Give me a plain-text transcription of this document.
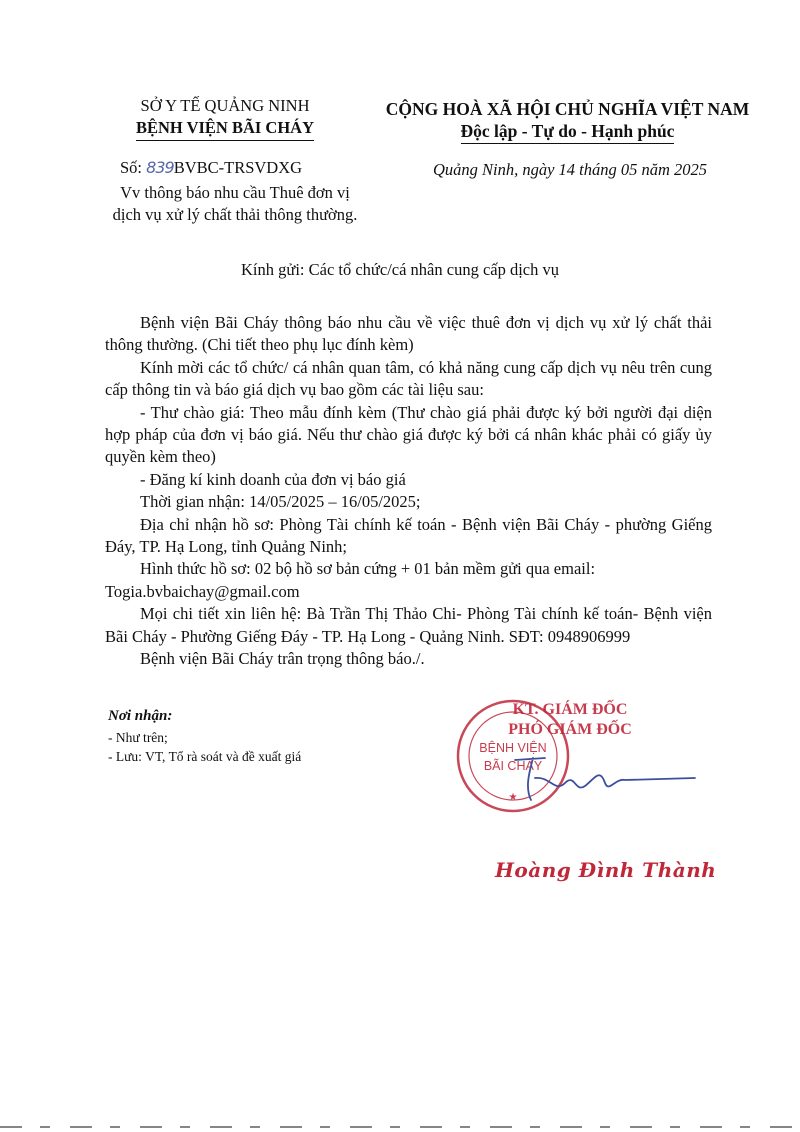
SỞ Y TẾ QUẢNG NINH
BỆNH VIỆN BÃI CHÁY
CỘNG HOÀ XÃ HỘI CHỦ NGHĨA VIỆT NAM
Độc lập - Tự do - Hạnh phúc
Số: 839BVBC-TRSVDXG
Vv thông báo nhu cầu Thuê đơn vị
dịch vụ xử lý chất thải thông thường.
Quảng Ninh, ngày 14 tháng 05 năm 2025
Kính gửi: Các tổ chức/cá nhân cung cấp dịch vụ

Bệnh viện Bãi Cháy thông báo nhu cầu về việc thuê đơn vị dịch vụ xử lý chất thải thông thường. (Chi tiết theo phụ lục đính kèm)

Kính mời các tổ chức/ cá nhân quan tâm, có khả năng cung cấp dịch vụ nêu trên cung cấp thông tin và báo giá dịch vụ bao gồm các tài liệu sau:

- Thư chào giá: Theo mẫu đính kèm (Thư chào giá phải được ký bởi người đại diện hợp pháp của đơn vị báo giá. Nếu thư chào giá được ký bởi cá nhân khác phải có giấy ủy quyền kèm theo)

- Đăng kí kinh doanh của đơn vị báo giá

Thời gian nhận: 14/05/2025 – 16/05/2025;

Địa chỉ nhận hồ sơ: Phòng Tài chính kế toán - Bệnh viện Bãi Cháy - phường Giếng Đáy, TP. Hạ Long, tỉnh Quảng Ninh;

Hình thức hồ sơ: 02 bộ hồ sơ bản cứng + 01 bản mềm gửi qua email:

Togia.bvbaichay@gmail.com

Mọi chi tiết xin liên hệ: Bà Trần Thị Thảo Chi- Phòng Tài chính kế toán- Bệnh viện Bãi Cháy - Phường Giếng Đáy - TP. Hạ Long - Quảng Ninh. SĐT: 0948906999

Bệnh viện Bãi Cháy trân trọng thông báo./.

Nơi nhận:
- Như trên;
- Lưu: VT, Tổ rà soát và đề xuất giá
BỆNH VIỆN
BÃI CHÁY
★
KT. GIÁM ĐỐC
PHÓ GIÁM ĐỐC
Hoàng Đình Thành
